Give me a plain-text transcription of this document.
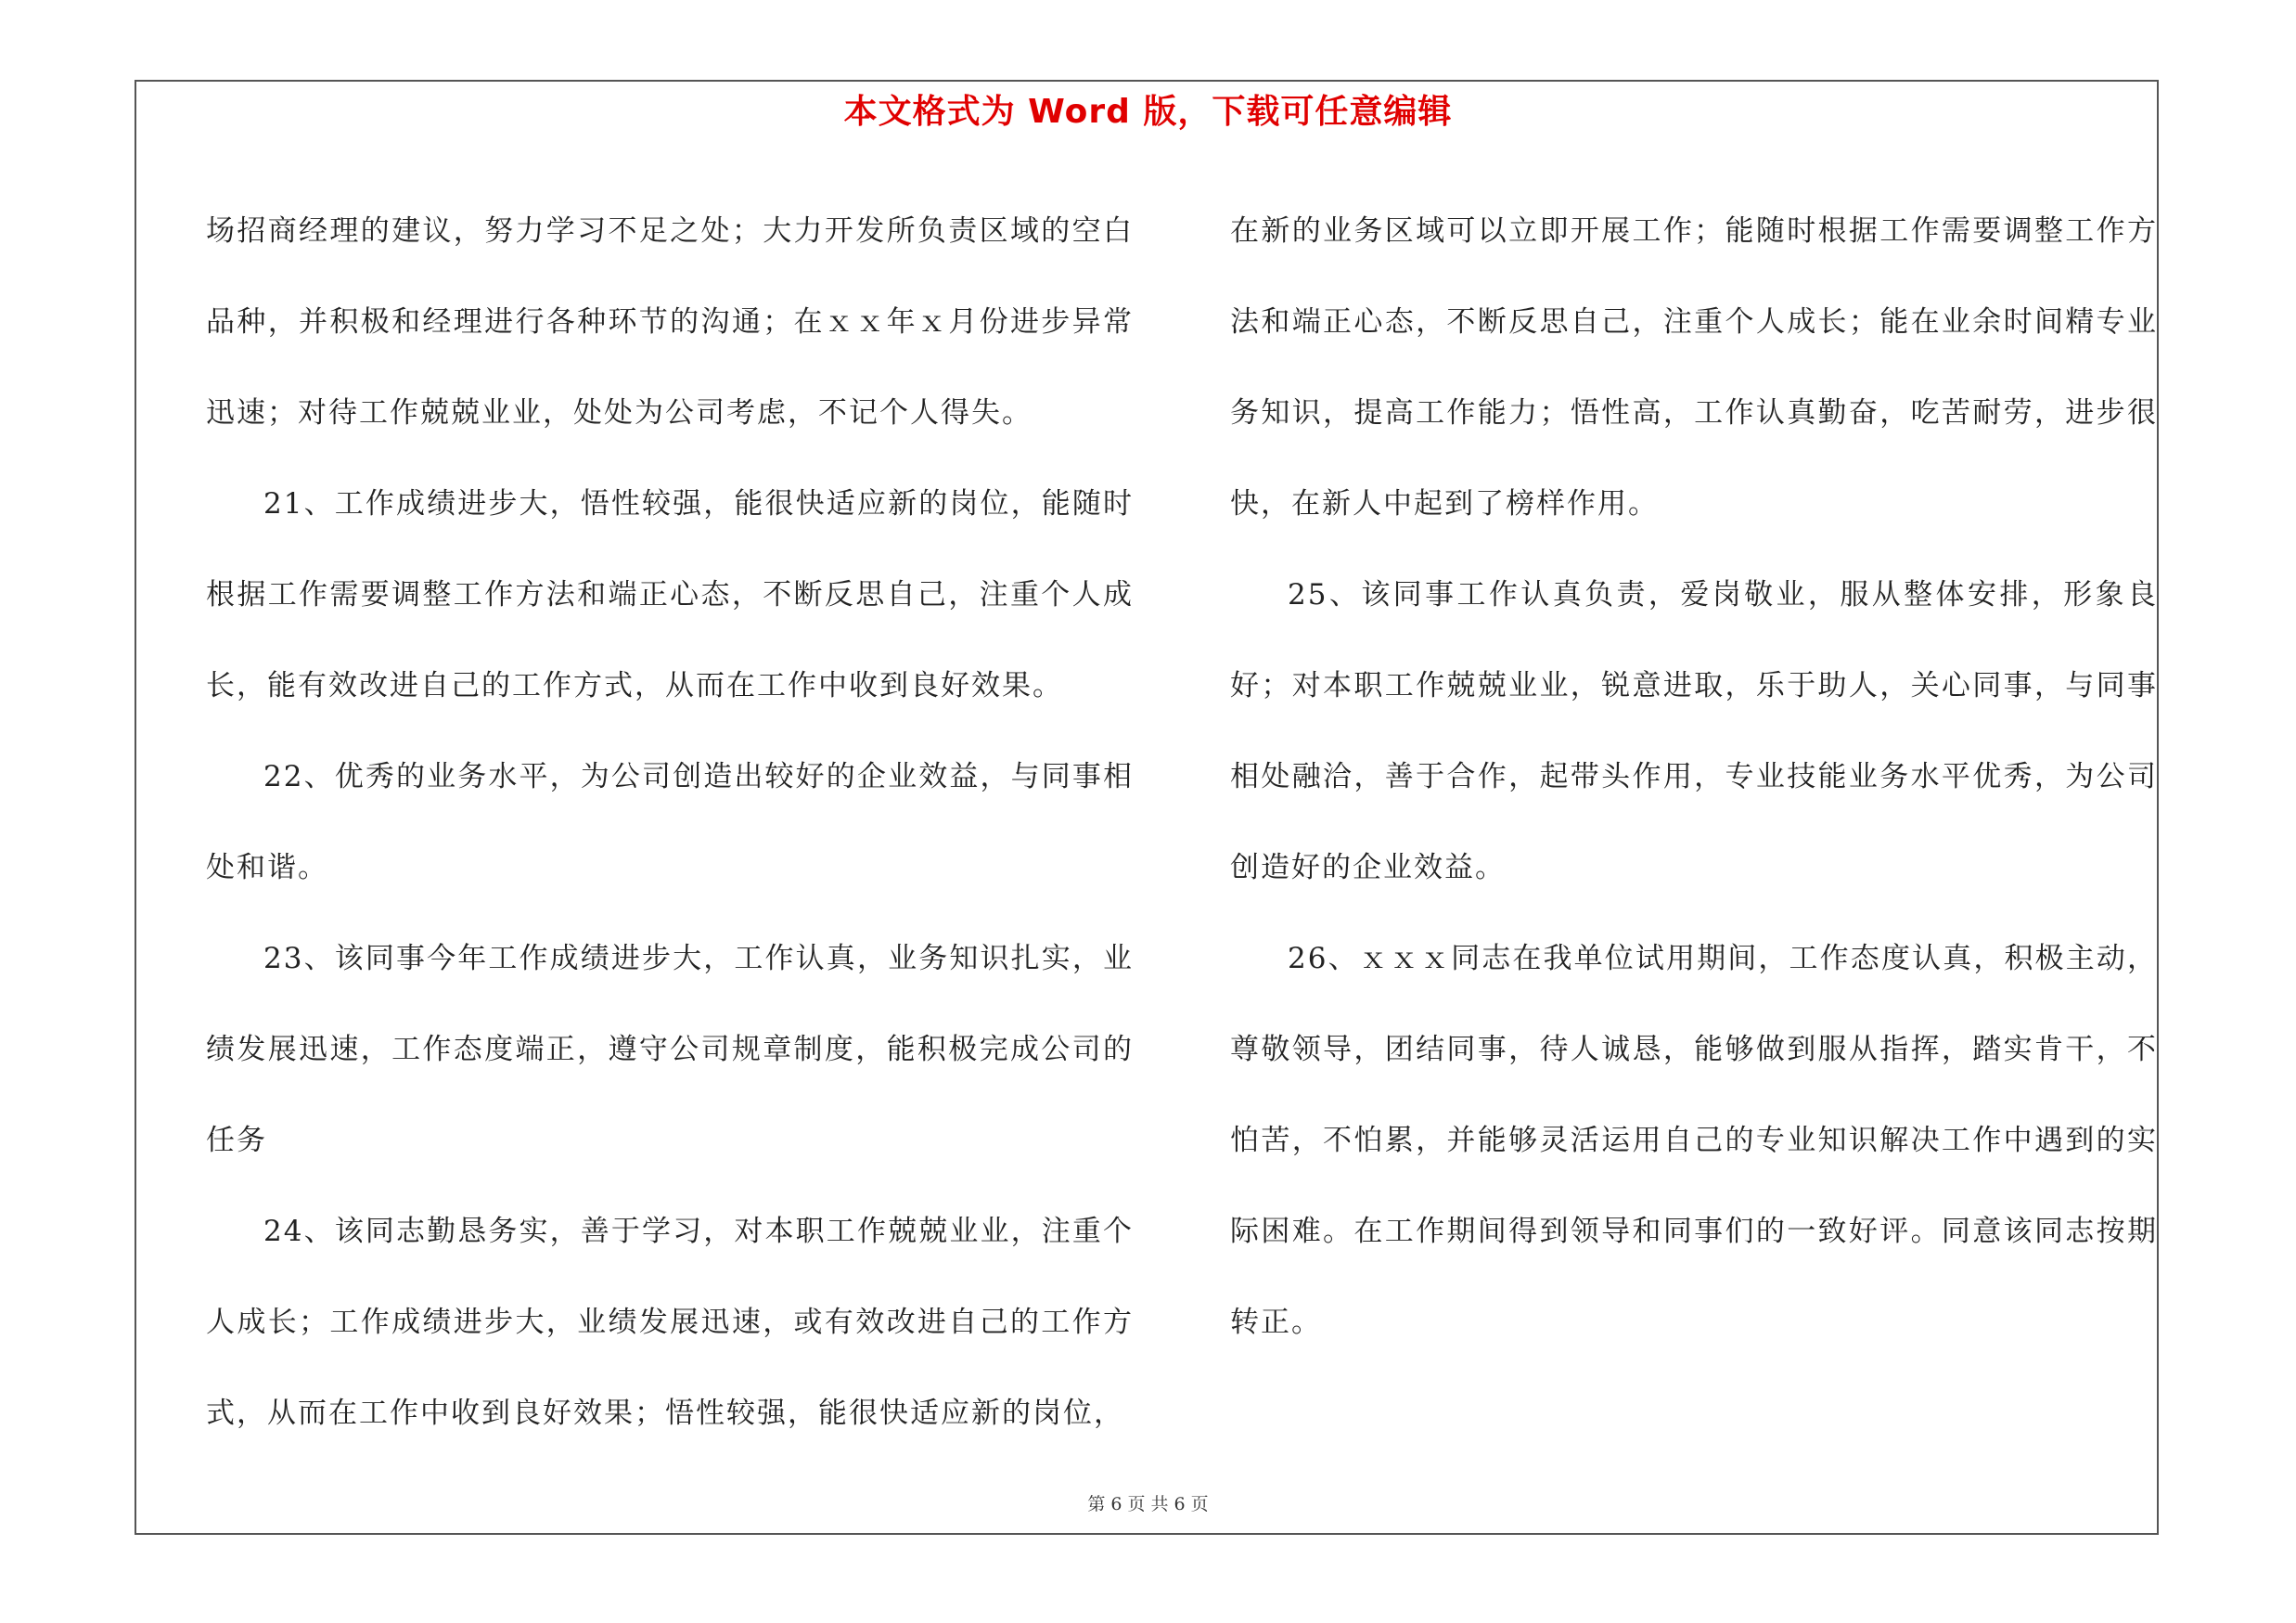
本文格式为 Word 版，下载可任意编辑

场招商经理的建议，努力学习不足之处；大力开发所负责区域的空白品种，并积极和经理进行各种环节的沟通；在ｘｘ年ｘ月份进步异常迅速；对待工作兢兢业业，处处为公司考虑，不记个人得失。

21、工作成绩进步大，悟性较强，能很快适应新的岗位，能随时根据工作需要调整工作方法和端正心态，不断反思自己，注重个人成长，能有效改进自己的工作方式，从而在工作中收到良好效果。

22、优秀的业务水平，为公司创造出较好的企业效益，与同事相处和谐。

23、该同事今年工作成绩进步大，工作认真，业务知识扎实，业绩发展迅速，工作态度端正，遵守公司规章制度，能积极完成公司的任务

24、该同志勤恳务实，善于学习，对本职工作兢兢业业，注重个人成长；工作成绩进步大，业绩发展迅速，或有效改进自己的工作方式，从而在工作中收到良好效果；悟性较强，能很快适应新的岗位，

在新的业务区域可以立即开展工作；能随时根据工作需要调整工作方法和端正心态，不断反思自己，注重个人成长；能在业余时间精专业务知识，提高工作能力；悟性高，工作认真勤奋，吃苦耐劳，进步很快，在新人中起到了榜样作用。

25、该同事工作认真负责，爱岗敬业，服从整体安排，形象良好；对本职工作兢兢业业，锐意进取，乐于助人，关心同事，与同事相处融洽，善于合作，起带头作用，专业技能业务水平优秀，为公司创造好的企业效益。

26、ｘｘｘ同志在我单位试用期间，工作态度认真，积极主动，尊敬领导，团结同事，待人诚恳，能够做到服从指挥，踏实肯干，不怕苦，不怕累，并能够灵活运用自己的专业知识解决工作中遇到的实际困难。在工作期间得到领导和同事们的一致好评。同意该同志按期转正。

第 6 页 共 6 页
